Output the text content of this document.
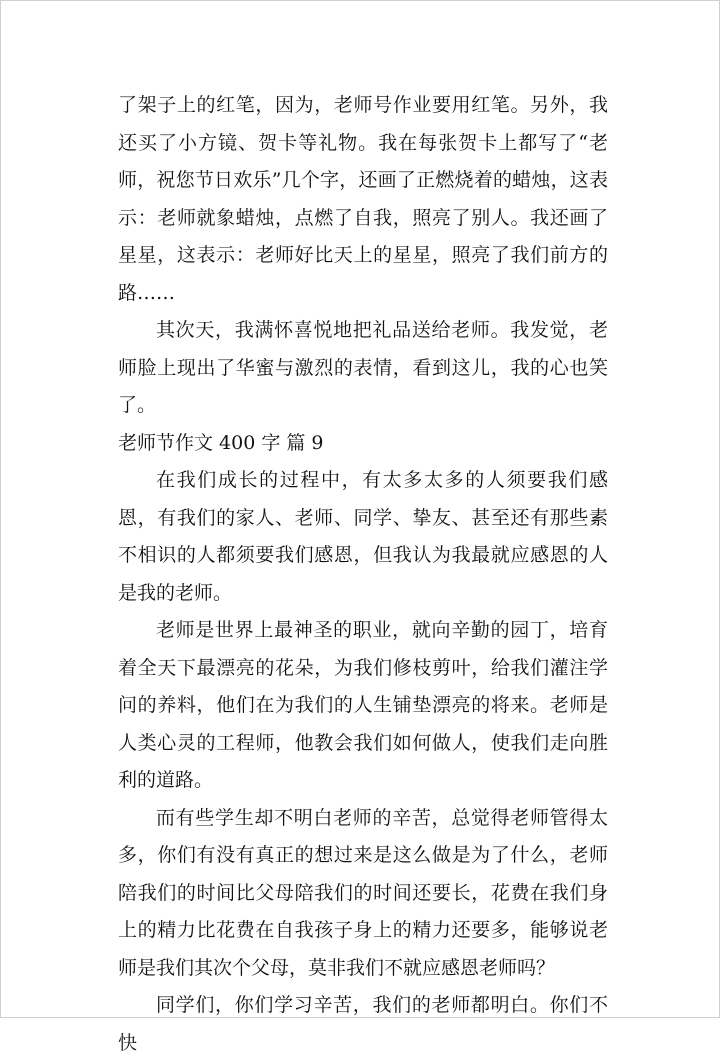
了架子上的红笔，因为，老师号作业要用红笔。另外，我还买了小方镜、贺卡等礼物。我在每张贺卡上都写了“老师，祝您节日欢乐”几个字，还画了正燃烧着的蜡烛，这表示：老师就象蜡烛，点燃了自我，照亮了别人。我还画了星星，这表示：老师好比天上的星星，照亮了我们前方的路……

其次天，我满怀喜悦地把礼品送给老师。我发觉，老师脸上现出了华蜜与激烈的表情，看到这儿，我的心也笑了。

老师节作文 400 字 篇 9

在我们成长的过程中，有太多太多的人须要我们感恩，有我们的家人、老师、同学、挚友、甚至还有那些素不相识的人都须要我们感恩，但我认为我最就应感恩的人是我的老师。

老师是世界上最神圣的职业，就向辛勤的园丁，培育着全天下最漂亮的花朵，为我们修枝剪叶，给我们灌注学问的养料，他们在为我们的人生铺垫漂亮的将来。老师是人类心灵的工程师，他教会我们如何做人，使我们走向胜利的道路。

而有些学生却不明白老师的辛苦，总觉得老师管得太多，你们有没有真正的想过来是这么做是为了什么，老师陪我们的时间比父母陪我们的时间还要长，花费在我们身上的精力比花费在自我孩子身上的精力还要多，能够说老师是我们其次个父母，莫非我们不就应感恩老师吗？

同学们，你们学习辛苦，我们的老师都明白。你们不快
